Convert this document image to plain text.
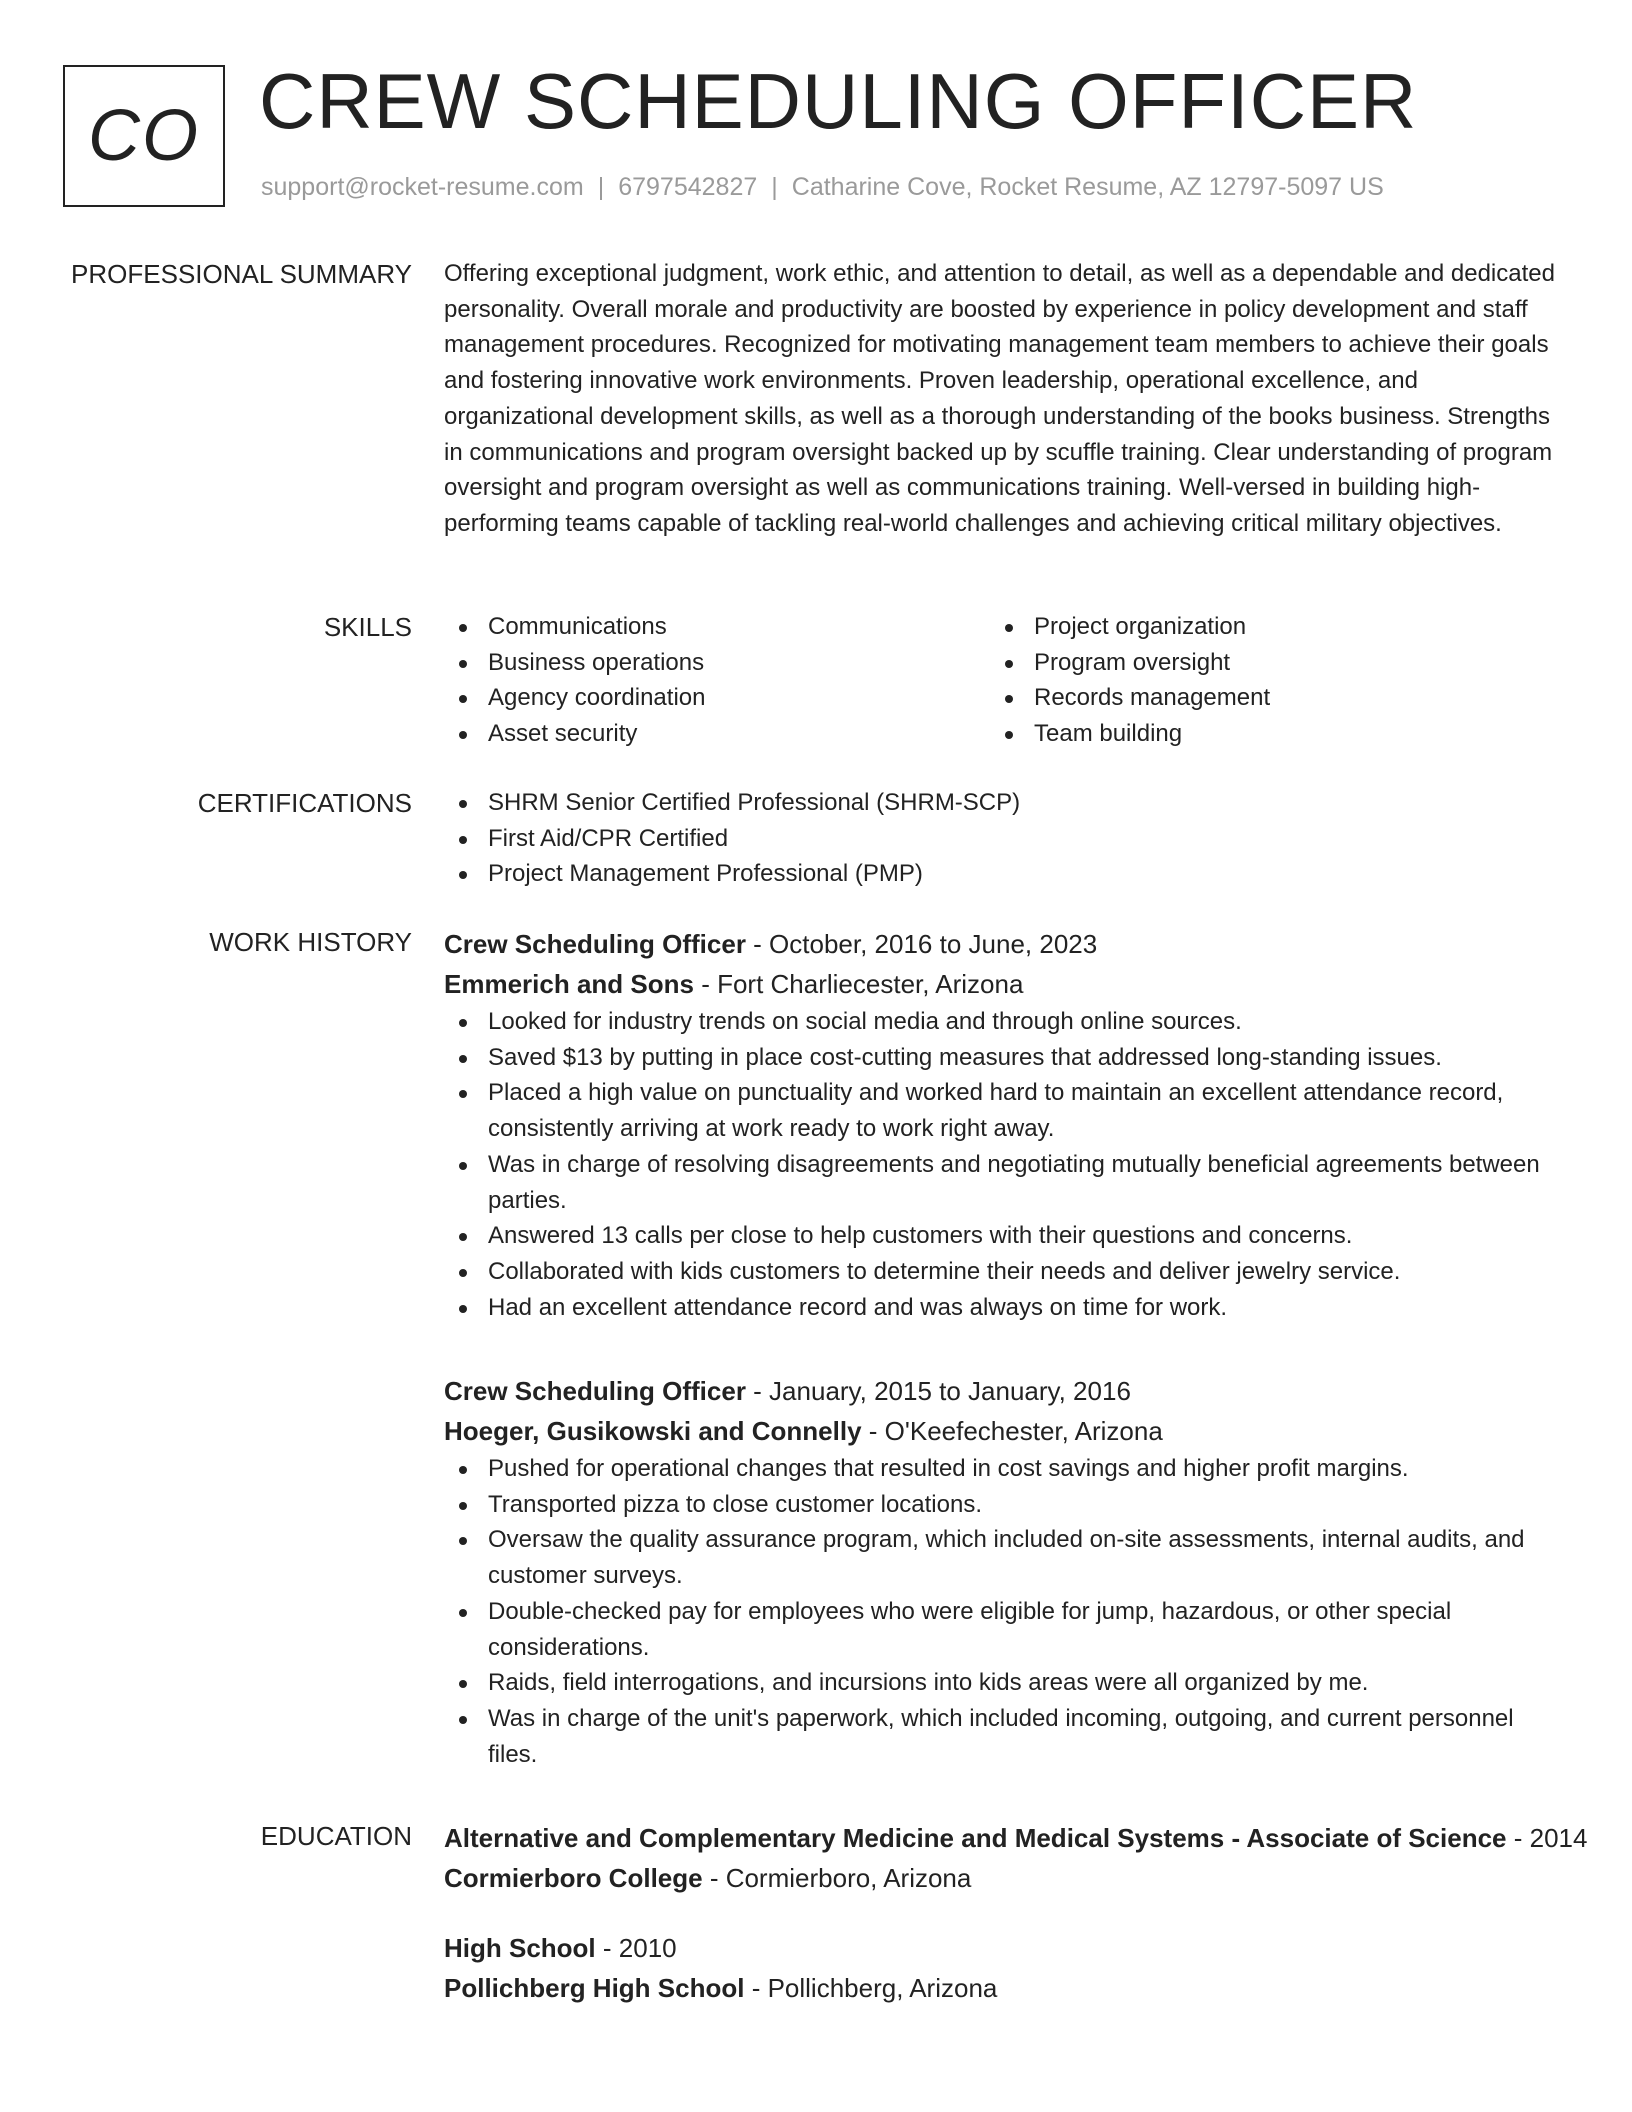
CO CREW SCHEDULING OFFICER
support@rocket-resume.com | 6797542827 | Catharine Cove, Rocket Resume, AZ 12797-5097 US
PROFESSIONAL SUMMARY Offering exceptional judgment, work ethic, and attention to detail, as well as a dependable and dedicated personality. Overall morale and productivity are boosted by experience in policy development and staff management procedures. Recognized for motivating management team members to achieve their goals and fostering innovative work environments. Proven leadership, operational excellence, and organizational development skills, as well as a thorough understanding of the books business. Strengths in communications and program oversight backed up by scuffle training. Clear understanding of program oversight and program oversight as well as communications training. Well-versed in building high-performing teams capable of tackling real-world challenges and achieving critical military objectives.

SKILLS	Communications
Business operations
Agency coordination
Asset security
Project organization
Program oversight
Records management
Team building
CERTIFICATIONS	SHRM Senior Certified Professional (SHRM-SCP)
First Aid/CPR Certified
Project Management Professional (PMP)
WORK HISTORY Crew Scheduling Officer - October, 2016 to June, 2023
Emmerich and Sons - Fort Charliecester, Arizona
Looked for industry trends on social media and through online sources.
Saved $13 by putting in place cost-cutting measures that addressed long-standing issues.
Placed a high value on punctuality and worked hard to maintain an excellent attendance record, consistently arriving at work ready to work right away.
Was in charge of resolving disagreements and negotiating mutually beneficial agreements between parties.
Answered 13 calls per close to help customers with their questions and concerns.
Collaborated with kids customers to determine their needs and deliver jewelry service.
Had an excellent attendance record and was always on time for work.
Crew Scheduling Officer - January, 2015 to January, 2016
Hoeger, Gusikowski and Connelly - O'Keefechester, Arizona
Pushed for operational changes that resulted in cost savings and higher profit margins.
Transported pizza to close customer locations.
Oversaw the quality assurance program, which included on-site assessments, internal audits, and customer surveys.
Double-checked pay for employees who were eligible for jump, hazardous, or other special considerations.
Raids, field interrogations, and incursions into kids areas were all organized by me.
Was in charge of the unit's paperwork, which included incoming, outgoing, and current personnel files.
EDUCATION Alternative and Complementary Medicine and Medical Systems - Associate of Science - 2014
Cormierboro College - Cormierboro, Arizona
High School - 2010
Pollichberg High School - Pollichberg, Arizona
